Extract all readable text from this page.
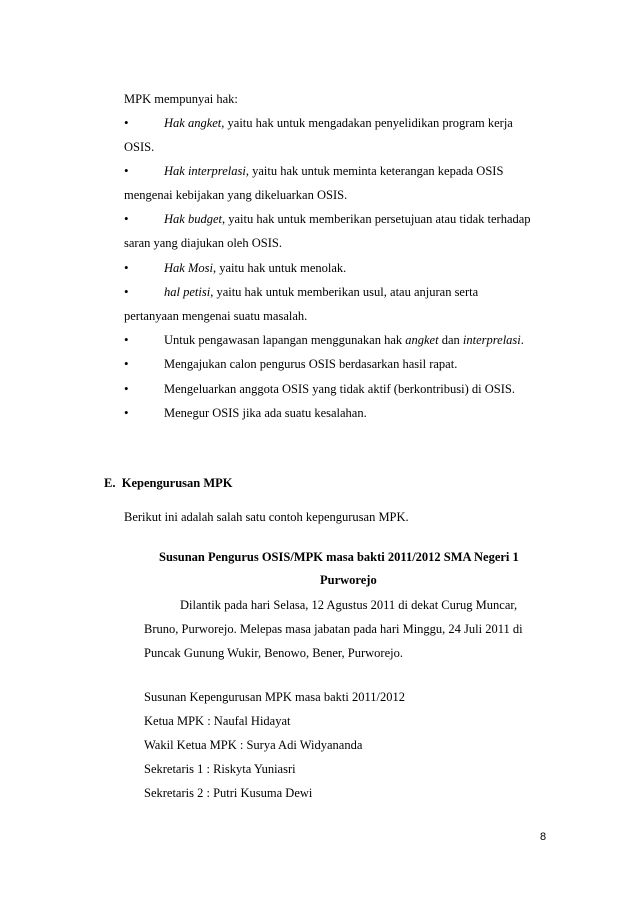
MPK mempunyai hak:
•	Hak angket, yaitu hak untuk mengadakan penyelidikan program kerja
OSIS.
•	Hak interprelasi, yaitu hak untuk meminta keterangan kepada OSIS
mengenai kebijakan yang dikeluarkan OSIS.
•	Hak budget, yaitu hak untuk memberikan persetujuan atau tidak terhadap
saran yang diajukan oleh OSIS.
•	Hak Mosi, yaitu hak untuk menolak.
•	hal petisi, yaitu hak untuk memberikan usul, atau anjuran serta
pertanyaan mengenai suatu masalah.
•	Untuk pengawasan lapangan menggunakan hak angket dan interprelasi.
•	Mengajukan calon pengurus OSIS berdasarkan hasil rapat.
•	Mengeluarkan anggota OSIS yang tidak aktif (berkontribusi) di OSIS.
•	Menegur OSIS jika ada suatu kesalahan.
E. Kepengurusan MPK
Berikut ini adalah salah satu contoh kepengurusan MPK.
Susunan Pengurus OSIS/MPK masa bakti 2011/2012 SMA Negeri 1
Purworejo
Dilantik pada hari Selasa, 12 Agustus 2011 di dekat Curug Muncar,
Bruno, Purworejo. Melepas masa jabatan pada hari Minggu, 24 Juli 2011 di
Puncak Gunung Wukir, Benowo, Bener, Purworejo.
Susunan Kepengurusan MPK masa bakti 2011/2012
Ketua MPK : Naufal Hidayat
Wakil Ketua MPK : Surya Adi Widyananda
Sekretaris 1 : Riskyta Yuniasri
Sekretaris 2 : Putri Kusuma Dewi
8
